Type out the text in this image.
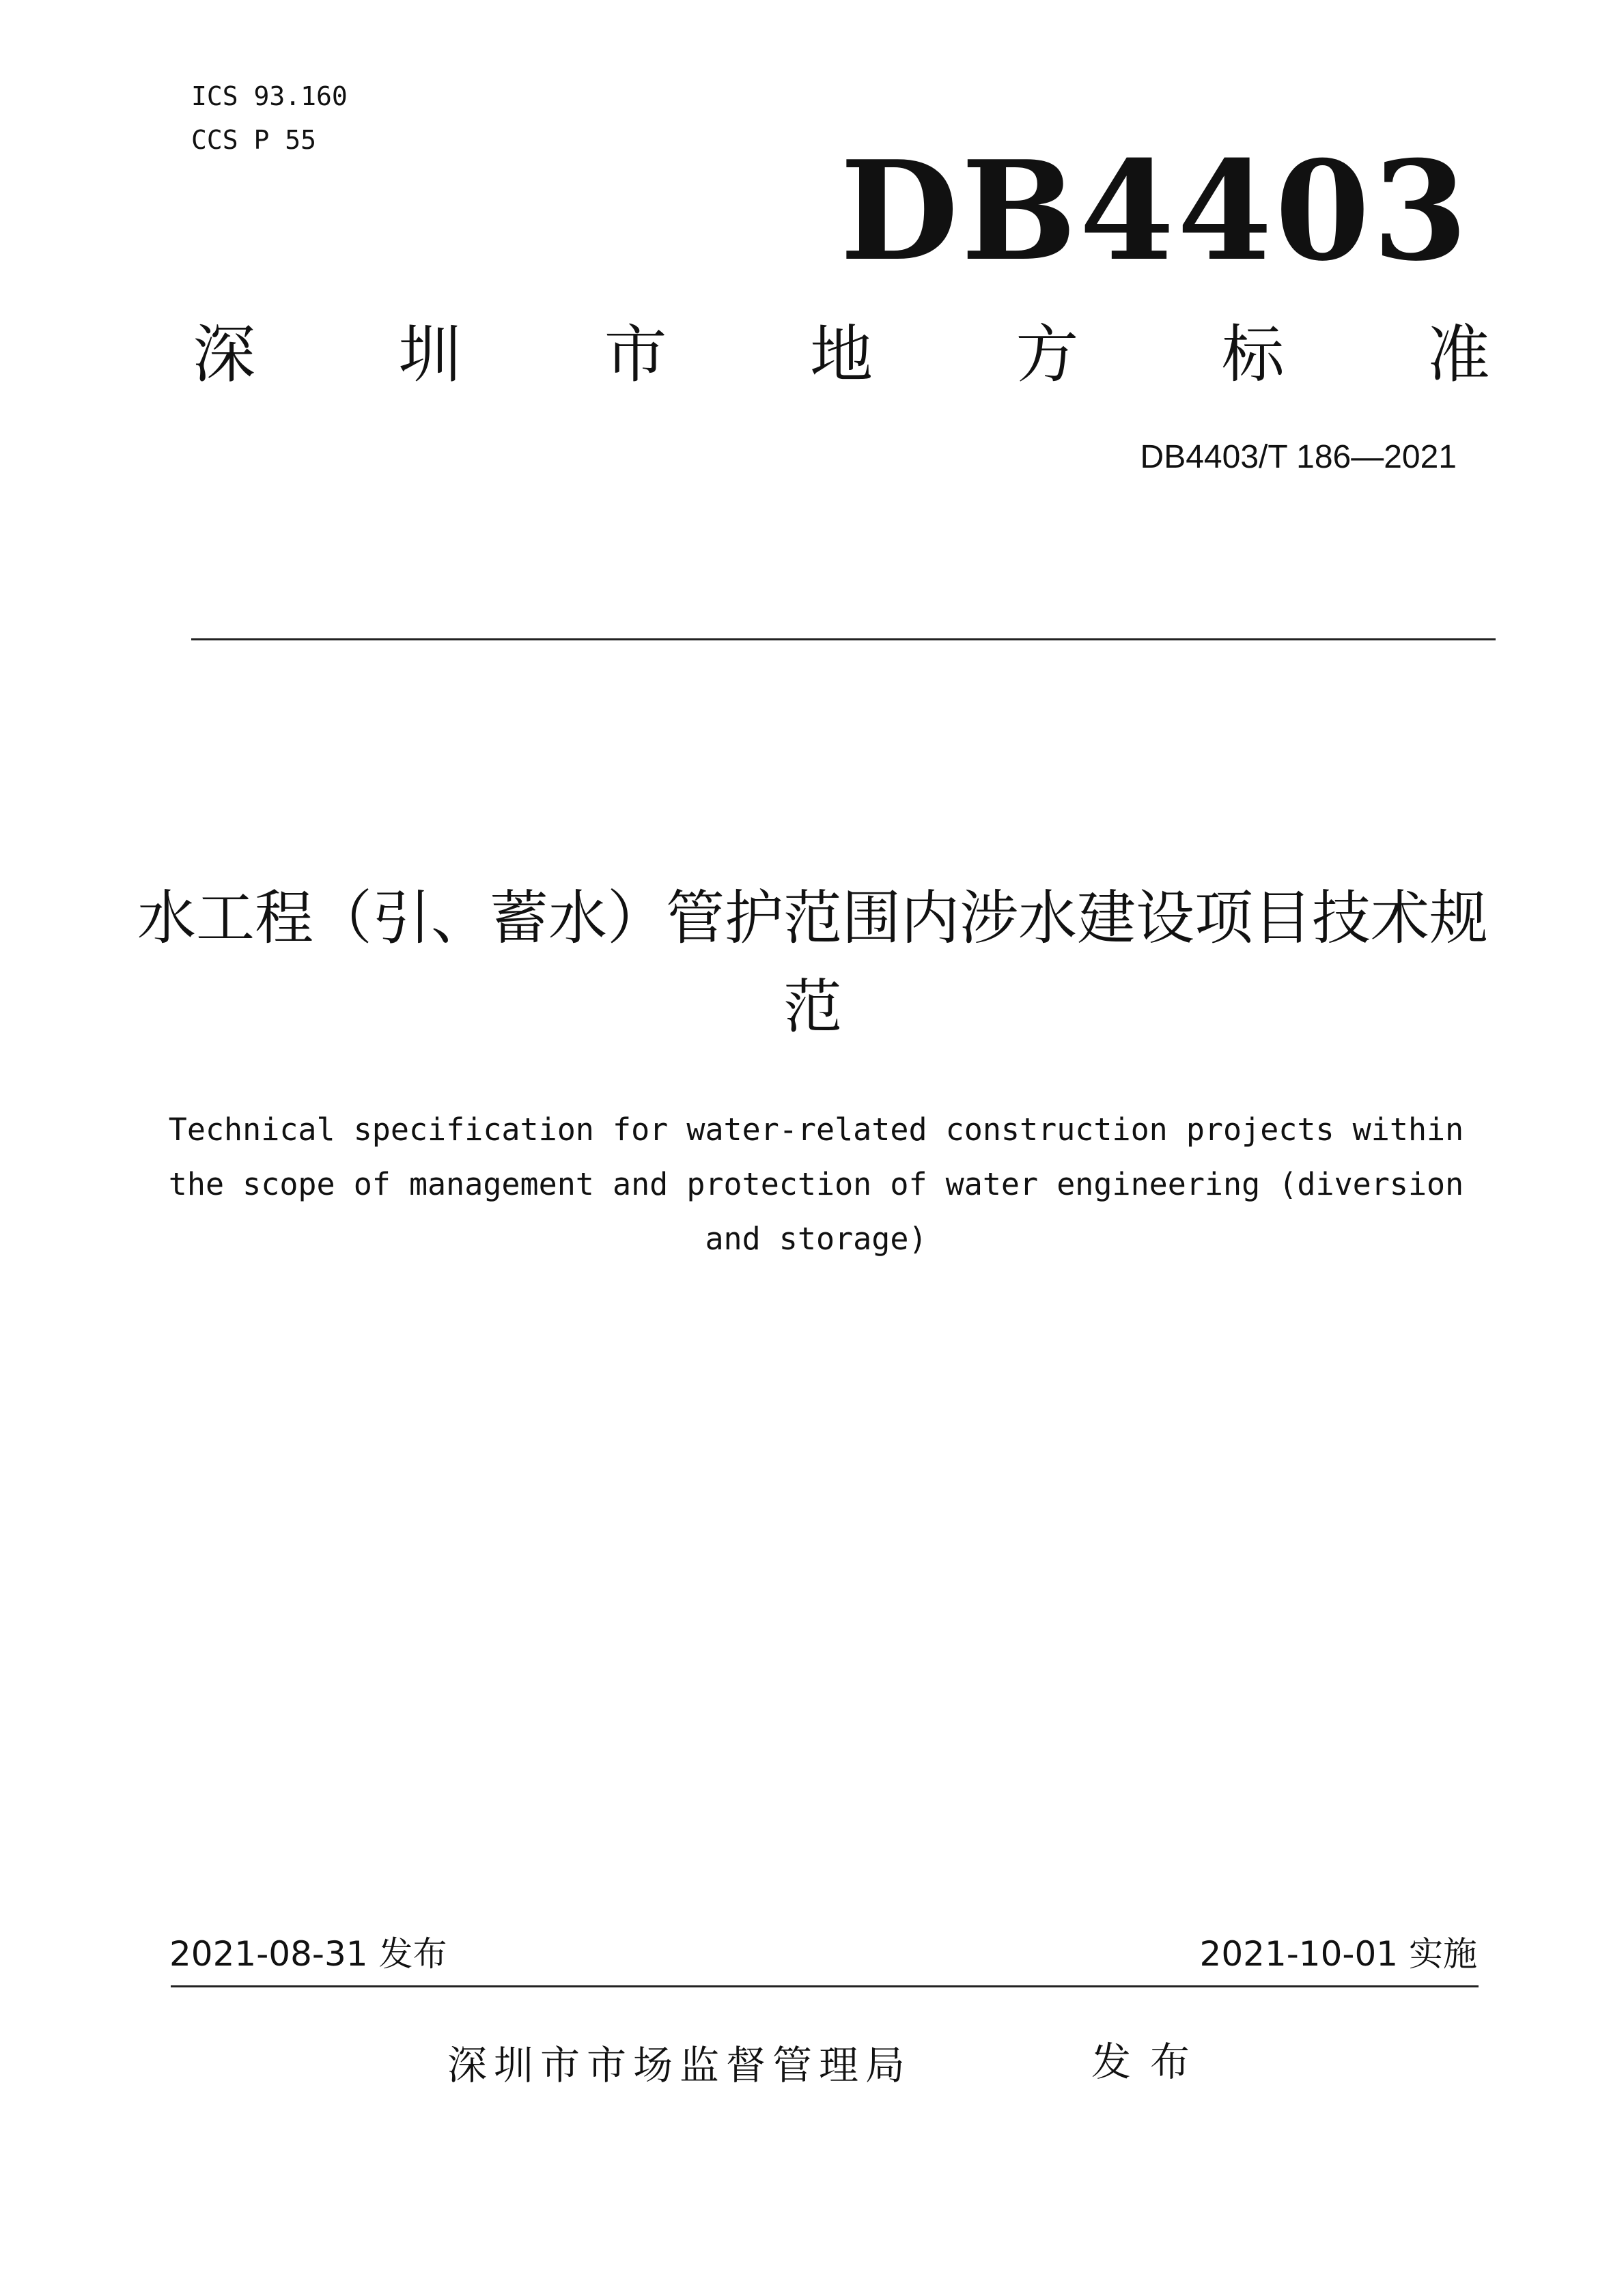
ICS 93.160
CCS P 55	DB4403
深 圳 市 地 方 标 准
DB4403/T 186—2021
水工程（引、蓄水）管护范围内涉水建设项目技术规范
Technical specification for water-related construction projects within the scope of management and protection of water engineering (diversion and storage)
2021-08-31 发布	2021-10-01 实施
深圳市市场监督管理局	发布
